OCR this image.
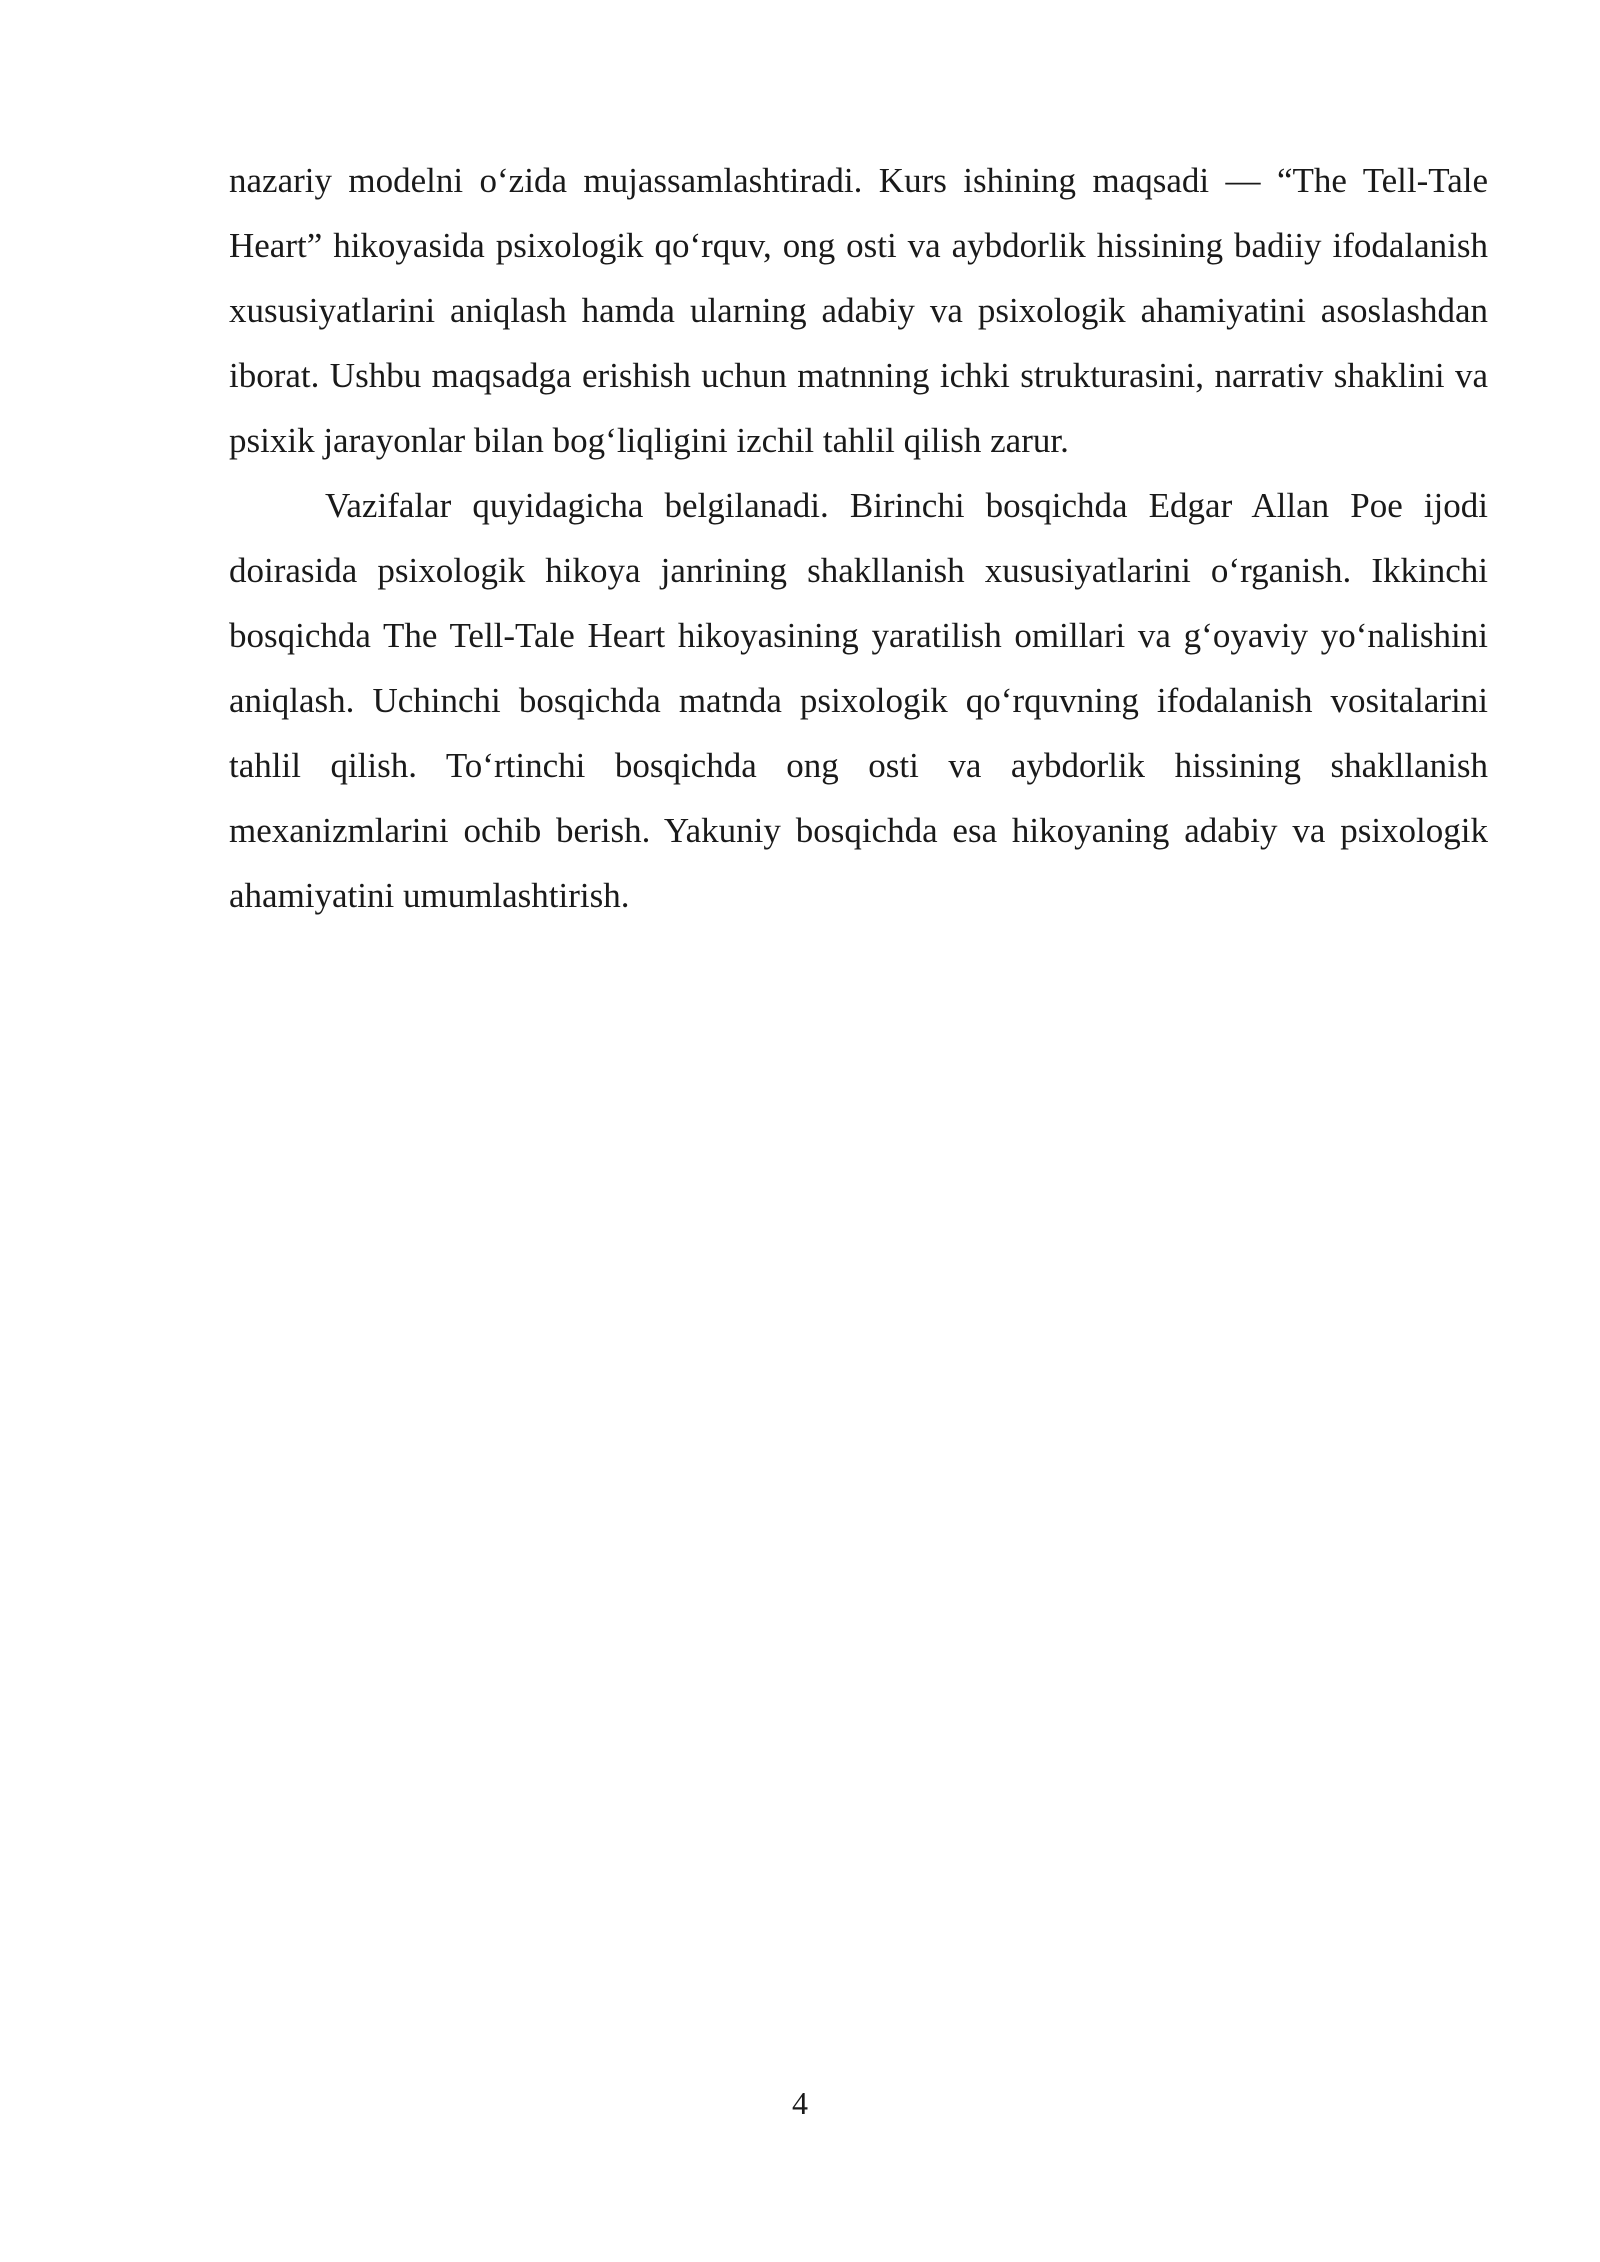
nazariy modelni o‘zida mujassamlashtiradi. Kurs ishining maqsadi — “The Tell-Tale Heart” hikoyasida psixologik qo‘rquv, ong osti va aybdorlik hissining badiiy ifodalanish xususiyatlarini aniqlash hamda ularning adabiy va psixologik ahamiyatini asoslashdan iborat. Ushbu maqsadga erishish uchun matnning ichki strukturasini, narrativ shaklini va psixik jarayonlar bilan bog‘liqligini izchil tahlil qilish zarur.

Vazifalar quyidagicha belgilanadi. Birinchi bosqichda Edgar Allan Poe ijodi doirasida psixologik hikoya janrining shakllanish xususiyatlarini o‘rganish. Ikkinchi bosqichda The Tell-Tale Heart hikoyasining yaratilish omillari va g‘oyaviy yo‘nalishini aniqlash. Uchinchi bosqichda matnda psixologik qo‘rquvning ifodalanish vositalarini tahlil qilish. To‘rtinchi bosqichda ong osti va aybdorlik hissining shakllanish mexanizmlarini ochib berish. Yakuniy bosqichda esa hikoyaning adabiy va psixologik ahamiyatini umumlashtirish.

4
